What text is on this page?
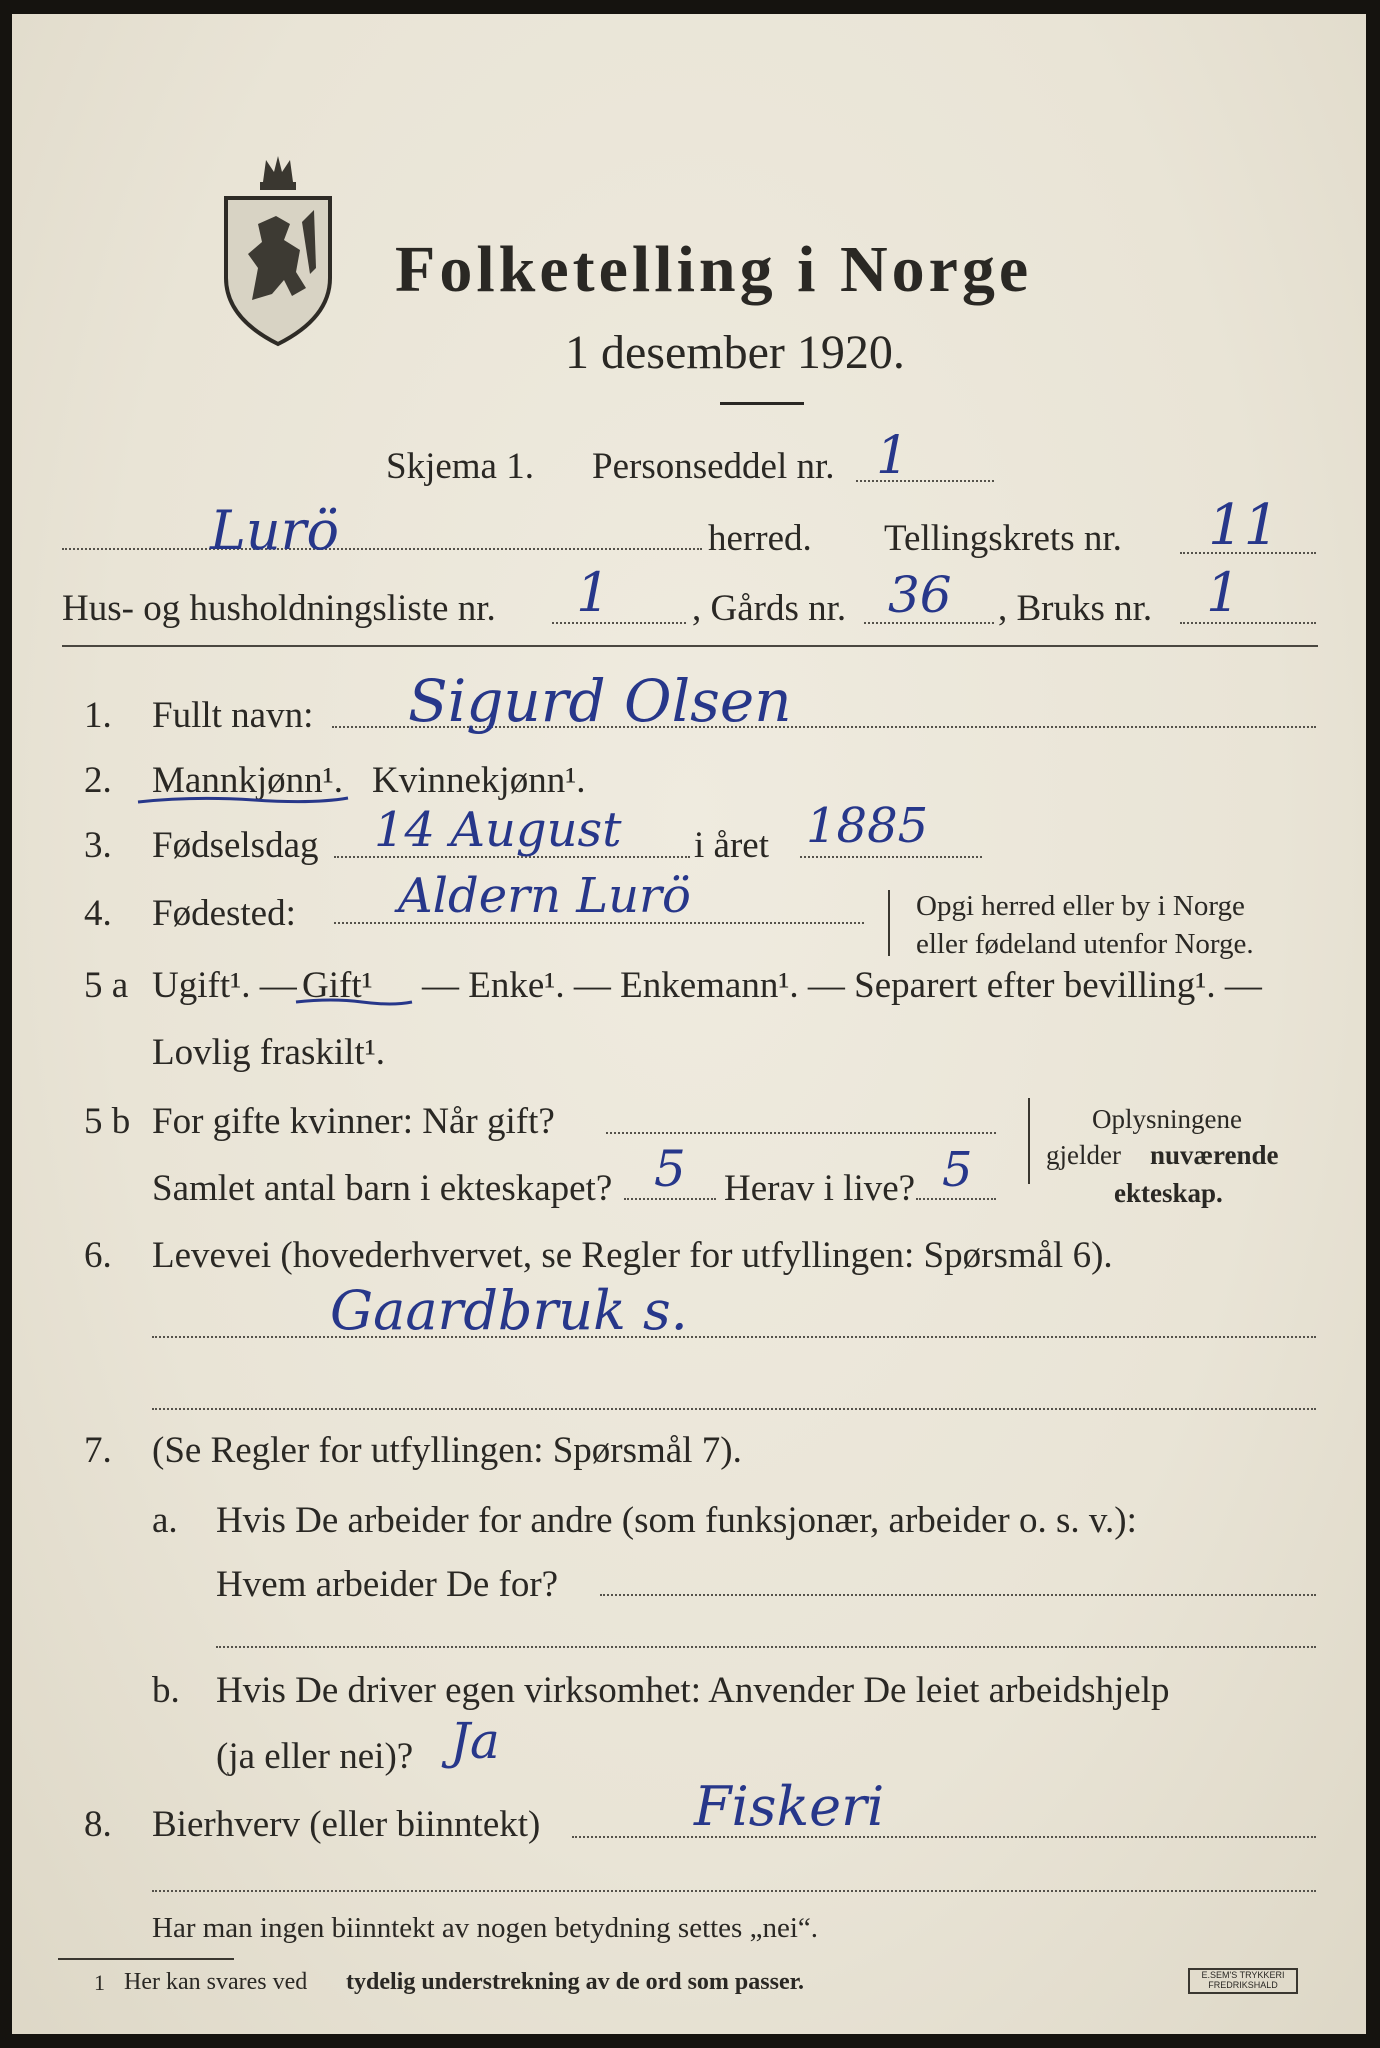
Folketelling i Norge
1 desember 1920.
Skjema 1. Personseddel nr. 1
Lurö	herred. Tellingskrets nr. 11
Hus- og husholdningsliste nr. 1 , Gårds nr. 36 , Bruks nr. 1
1. Fullt navn: Sigurd Olsen
2. Mannkjønn¹. Kvinnekjønn¹.
3. Fødselsdag 14 August i året 1885
4. Fødested: Aldern Lurö	Opgi herred eller by i Norge
eller fødeland utenfor Norge.
5 a Ugift¹. — Gift¹ — Enke¹. — Enkemann¹. — Separert efter bevilling¹. —
Lovlig fraskilt¹.
5 b For gifte kvinner: Når gift?
Samlet antal barn i ekteskapet? 5 Herav i live? 5
Oplysningene
gjelder nuværende
ekteskap.
6. Levevei (hovederhvervet, se Regler for utfyllingen: Spørsmål 6).
Gaardbruk s.
7. (Se Regler for utfyllingen: Spørsmål 7).
a. Hvis De arbeider for andre (som funksjonær, arbeider o. s. v.):
Hvem arbeider De for?
b. Hvis De driver egen virksomhet: Anvender De leiet arbeidshjelp
(ja eller nei)? Ja
8. Bierhverv (eller biinntekt)	Fiskeri
Har man ingen biinntekt av nogen betydning settes „nei“.
1 Her kan svares ved tydelig understrekning av de ord som passer.	E.SEM'S TRYKKERI
FREDRIKSHALD
